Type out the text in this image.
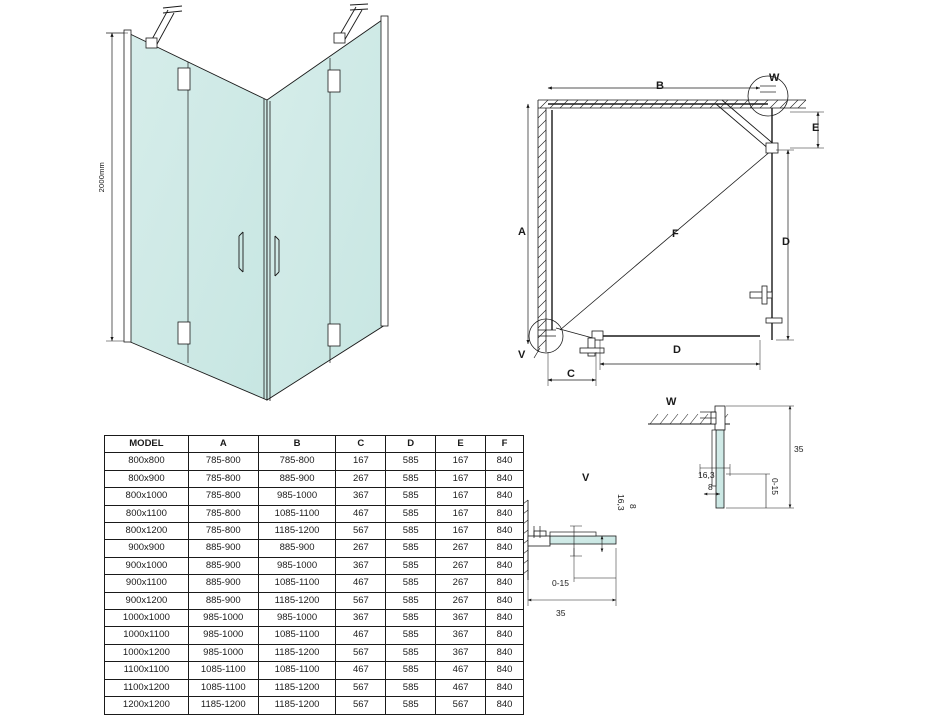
2000mm
B
A
D
E
F
D
C
W
V
W
16,3
8
35
0-15
V
16,3 8
35
0-15
MODEL	A	B	C	D	E	F
800x800	785-800	785-800	167	585	167	840
800x900	785-800	885-900	267	585	167	840
800x1000	785-800	985-1000	367	585	167	840
800x1100	785-800	1085-1100	467	585	167	840
800x1200	785-800	1185-1200	567	585	167	840
900x900	885-900	885-900	267	585	267	840
900x1000	885-900	985-1000	367	585	267	840
900x1100	885-900	1085-1100	467	585	267	840
900x1200	885-900	1185-1200	567	585	267	840
1000x1000	985-1000	985-1000	367	585	367	840
1000x1100	985-1000	1085-1100	467	585	367	840
1000x1200	985-1000	1185-1200	567	585	367	840
1100x1100	1085-1100	1085-1100	467	585	467	840
1100x1200	1085-1100	1185-1200	567	585	467	840
1200x1200	1185-1200	1185-1200	567	585	567	840
